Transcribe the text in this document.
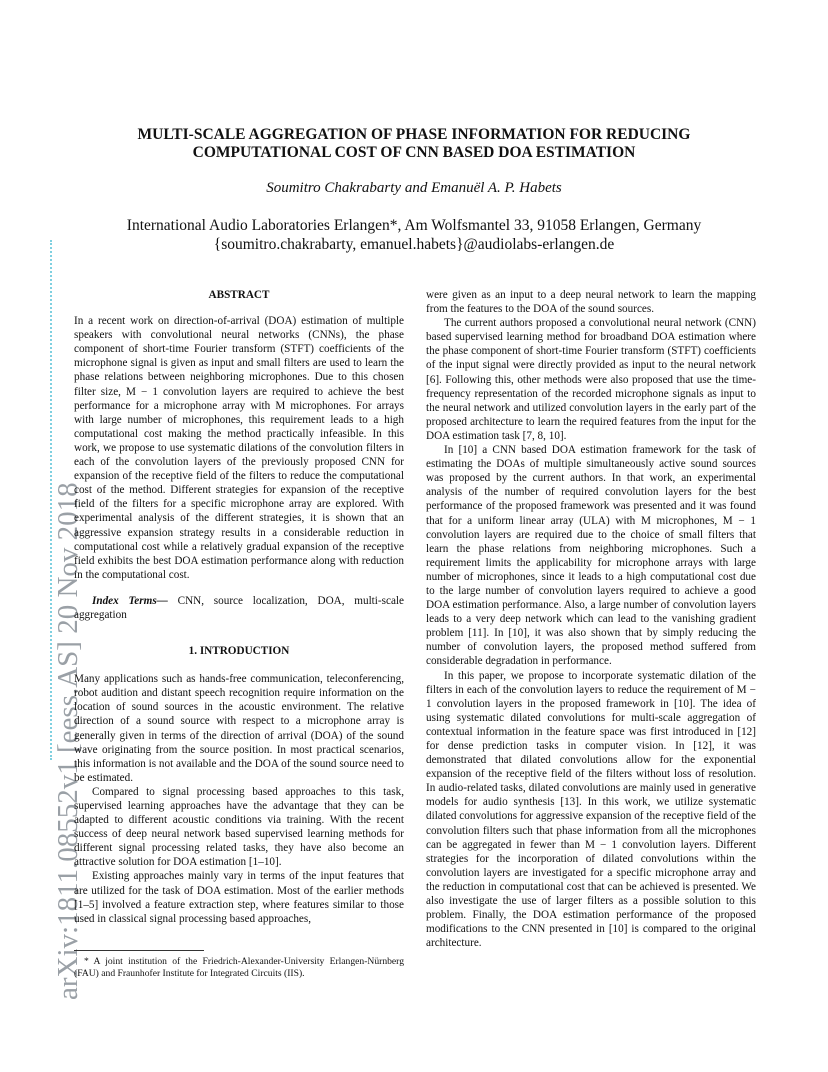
arXiv:1811.08552v1 [eess.AS] 20 Nov 2018
MULTI-SCALE AGGREGATION OF PHASE INFORMATION FOR REDUCING
COMPUTATIONAL COST OF CNN BASED DOA ESTIMATION
Soumitro Chakrabarty and Emanuël A. P. Habets
International Audio Laboratories Erlangen*, Am Wolfsmantel 33, 91058 Erlangen, Germany
{soumitro.chakrabarty, emanuel.habets}@audiolabs-erlangen.de
ABSTRACT

In a recent work on direction-of-arrival (DOA) estimation of multiple speakers with convolutional neural networks (CNNs), the phase component of short-time Fourier transform (STFT) coefficients of the microphone signal is given as input and small filters are used to learn the phase relations between neighboring microphones. Due to this chosen filter size, M − 1 convolution layers are required to achieve the best performance for a microphone array with M microphones. For arrays with large number of microphones, this requirement leads to a high computational cost making the method practically infeasible. In this work, we propose to use systematic dilations of the convolution filters in each of the convolution layers of the previously proposed CNN for expansion of the receptive field of the filters to reduce the computational cost of the method. Different strategies for expansion of the receptive field of the filters for a specific microphone array are explored. With experimental analysis of the different strategies, it is shown that an aggressive expansion strategy results in a considerable reduction in computational cost while a relatively gradual expansion of the receptive field exhibits the best DOA estimation performance along with reduction in the computational cost.

Index Terms— CNN, source localization, DOA, multi-scale aggregation

1. INTRODUCTION

Many applications such as hands-free communication, teleconferencing, robot audition and distant speech recognition require information on the location of sound sources in the acoustic environment. The relative direction of a sound source with respect to a microphone array is generally given in terms of the direction of arrival (DOA) of the sound wave originating from the source position. In most practical scenarios, this information is not available and the DOA of the sound source need to be estimated.

Compared to signal processing based approaches to this task, supervised learning approaches have the advantage that they can be adapted to different acoustic conditions via training. With the recent success of deep neural network based supervised learning methods for different signal processing related tasks, they have also become an attractive solution for DOA estimation [1–10].

Existing approaches mainly vary in terms of the input features that are utilized for the task of DOA estimation. Most of the earlier methods [1–5] involved a feature extraction step, where features similar to those used in classical signal processing based approaches,

* A joint institution of the Friedrich-Alexander-University Erlangen-Nürnberg (FAU) and Fraunhofer Institute for Integrated Circuits (IIS).

were given as an input to a deep neural network to learn the mapping from the features to the DOA of the sound sources.

The current authors proposed a convolutional neural network (CNN) based supervised learning method for broadband DOA estimation where the phase component of short-time Fourier transform (STFT) coefficients of the input signal were directly provided as input to the neural network [6]. Following this, other methods were also proposed that use the time-frequency representation of the recorded microphone signals as input to the neural network and utilized convolution layers in the early part of the proposed architecture to learn the required features from the input for the DOA estimation task [7, 8, 10].

In [10] a CNN based DOA estimation framework for the task of estimating the DOAs of multiple simultaneously active sound sources was proposed by the current authors. In that work, an experimental analysis of the number of required convolution layers for the best performance of the proposed framework was presented and it was found that for a uniform linear array (ULA) with M microphones, M − 1 convolution layers are required due to the choice of small filters that learn the phase relations from neighboring microphones. Such a requirement limits the applicability for microphone arrays with large number of microphones, since it leads to a high computational cost due to the large number of convolution layers required to achieve a good DOA estimation performance. Also, a large number of convolution layers leads to a very deep network which can lead to the vanishing gradient problem [11]. In [10], it was also shown that by simply reducing the number of convolution layers, the proposed method suffered from considerable degradation in performance.

In this paper, we propose to incorporate systematic dilation of the filters in each of the convolution layers to reduce the requirement of M − 1 convolution layers in the proposed framework in [10]. The idea of using systematic dilated convolutions for multi-scale aggregation of contextual information in the feature space was first introduced in [12] for dense prediction tasks in computer vision. In [12], it was demonstrated that dilated convolutions allow for the exponential expansion of the receptive field of the filters without loss of resolution. In audio-related tasks, dilated convolutions are mainly used in generative models for audio synthesis [13]. In this work, we utilize systematic dilated convolutions for aggressive expansion of the receptive field of the convolution filters such that phase information from all the microphones can be aggregated in fewer than M − 1 convolution layers. Different strategies for the incorporation of dilated convolutions within the convolution layers are investigated for a specific microphone array and the reduction in computational cost that can be achieved is presented. We also investigate the use of larger filters as a possible solution to this problem. Finally, the DOA estimation performance of the proposed modifications to the CNN presented in [10] is compared to the original architecture.
